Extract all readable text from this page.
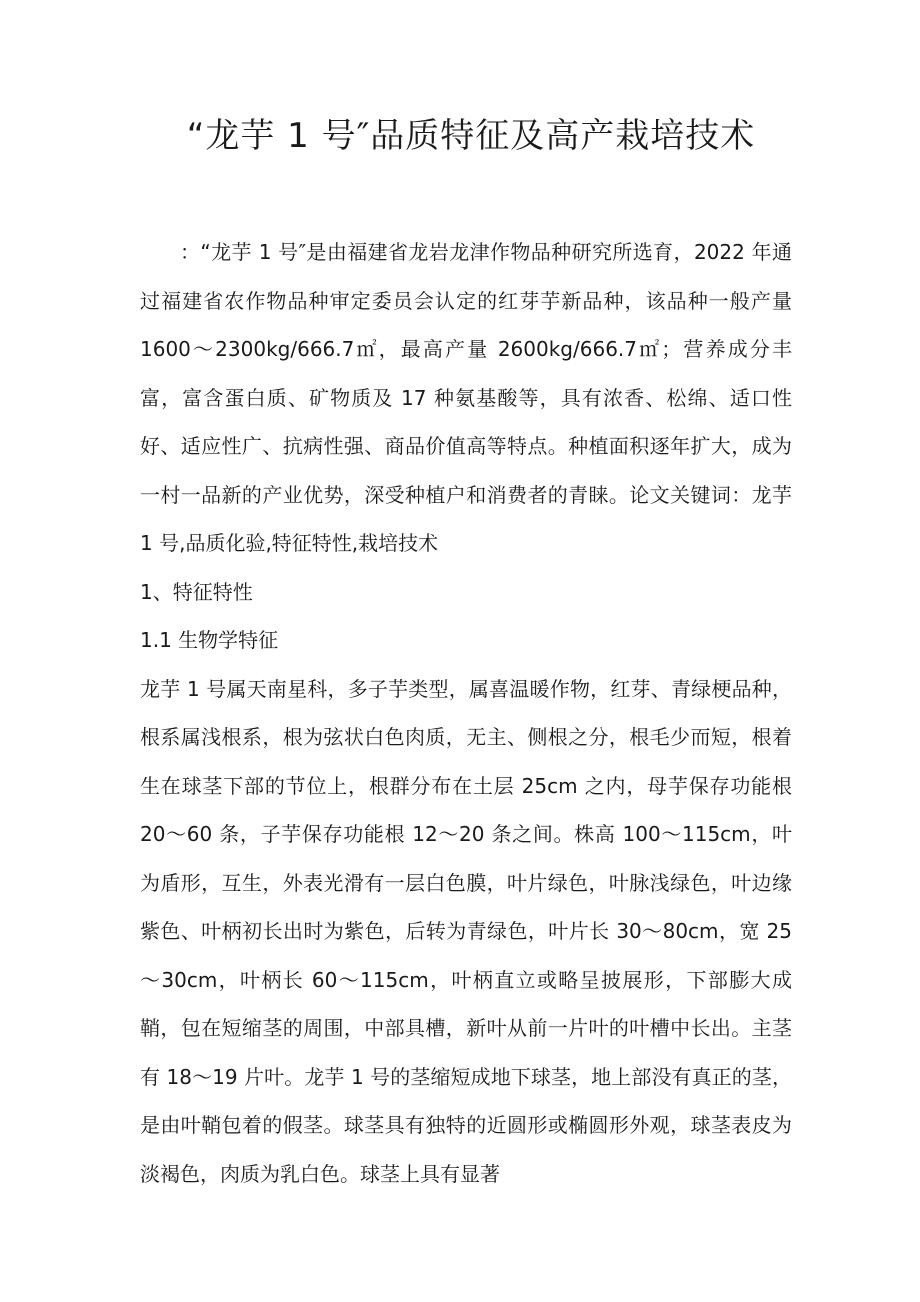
“龙芋 1 号″品质特征及高产栽培技术

：“龙芋 1 号″是由福建省龙岩龙津作物品种研究所选育，2022 年通过福建省农作物品种审定委员会认定的红芽芋新品种，该品种一般产量 1600～2300kg/666.7㎡，最高产量 2600kg/666.7㎡；营养成分丰富，富含蛋白质、矿物质及 17 种氨基酸等，具有浓香、松绵、适口性好、适应性广、抗病性强、商品价值高等特点。种植面积逐年扩大，成为一村一品新的产业优势，深受种植户和消费者的青睐。论文关键词：龙芋 1 号,品质化验,特征特性,栽培技术

1、特征特性

1.1 生物学特征

龙芋 1 号属天南星科，多子芋类型，属喜温暖作物，红芽、青绿梗品种，根系属浅根系，根为弦状白色肉质，无主、侧根之分，根毛少而短，根着生在球茎下部的节位上，根群分布在土层 25cm 之内，母芋保存功能根 20～60 条，子芋保存功能根 12～20 条之间。株高 100～115cm，叶为盾形，互生，外表光滑有一层白色膜，叶片绿色，叶脉浅绿色，叶边缘紫色、叶柄初长出时为紫色，后转为青绿色，叶片长 30～80cm，宽 25～30cm，叶柄长 60～115cm，叶柄直立或略呈披展形，下部膨大成鞘，包在短缩茎的周围，中部具槽，新叶从前一片叶的叶槽中长出。主茎有 18～19 片叶。龙芋 1 号的茎缩短成地下球茎，地上部没有真正的茎，是由叶鞘包着的假茎。球茎具有独特的近圆形或椭圆形外观，球茎表皮为淡褐色，肉质为乳白色。球茎上具有显著
